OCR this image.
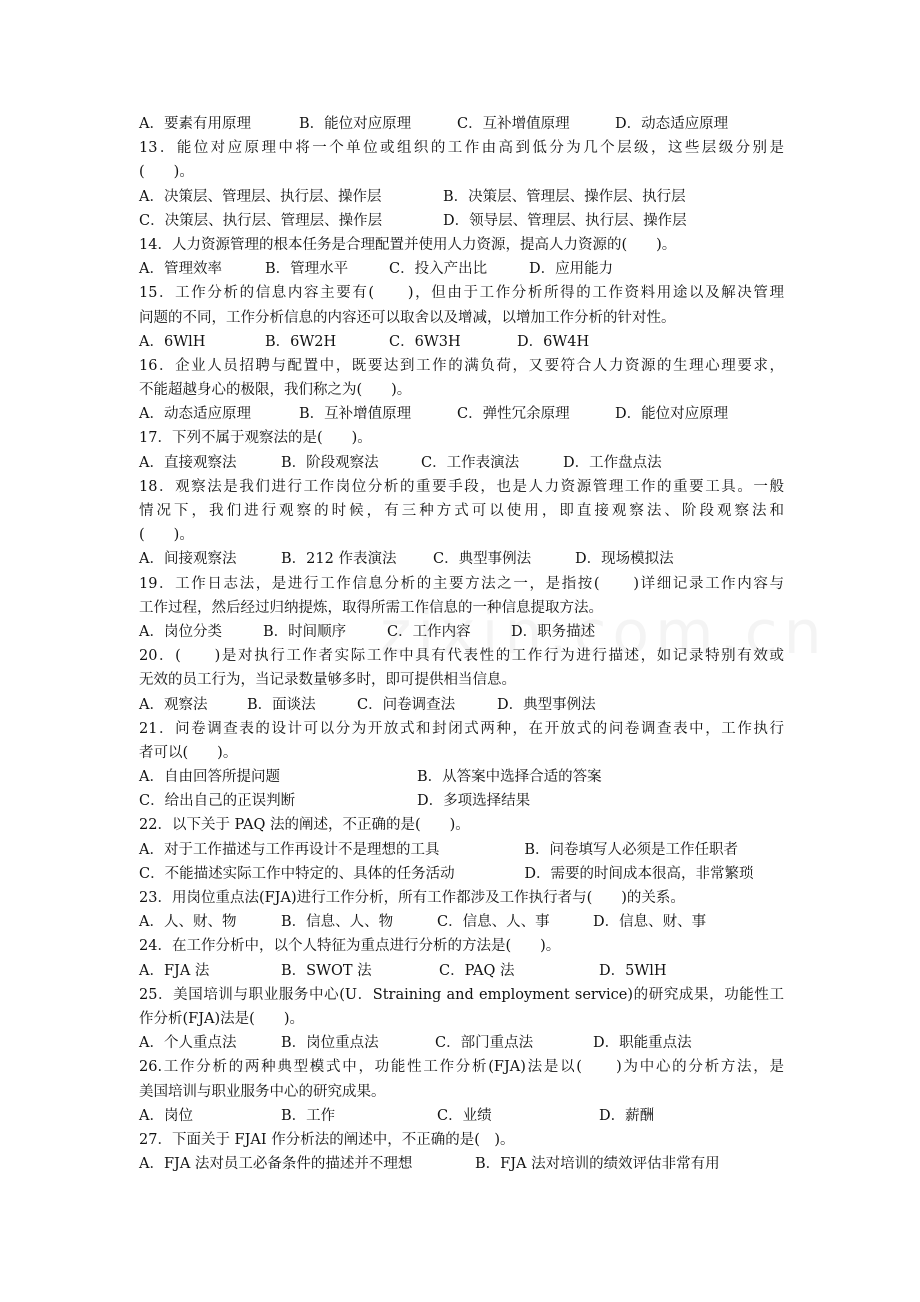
A．要素有用原理	B．能位对应原理	C．互补增值原理	D．动态适应原理
13．能位对应原理中将一个单位或组织的工作由高到低分为几个层级，这些层级分别是
(　　)。
A．决策层、管理层、执行层、操作层	B．决策层、管理层、操作层、执行层
C．决策层、执行层、管理层、操作层	D．领导层、管理层、执行层、操作层
14．人力资源管理的根本任务是合理配置并使用人力资源，提高人力资源的(　　)。
A．管理效率	B．管理水平	C．投入产出比	D．应用能力
15．工作分析的信息内容主要有(　　)，但由于工作分析所得的工作资料用途以及解决管理
问题的不同，工作分析信息的内容还可以取舍以及增减，以增加工作分析的针对性。
A．6WlH	B．6W2H	C．6W3H	D．6W4H
16．企业人员招聘与配置中，既要达到工作的满负荷，又要符合人力资源的生理心理要求，
不能超越身心的极限，我们称之为(　　)。
A．动态适应原理	B．互补增值原理	C．弹性冗余原理	D．能位对应原理
17．下列不属于观察法的是(　　)。
A．直接观察法	B．阶段观察法	C．工作表演法	D．工作盘点法
18．观察法是我们进行工作岗位分析的重要手段，也是人力资源管理工作的重要工具。一般
情况下，我们进行观察的时候，有三种方式可以使用，即直接观察法、阶段观察法和
(　　)。
A．间接观察法	B．212 作表演法	C．典型事例法	D．现场模拟法
19．工作日志法，是进行工作信息分析的主要方法之一，是指按(　　)详细记录工作内容与
工作过程，然后经过归纳提炼，取得所需工作信息的一种信息提取方法。
A．岗位分类	B．时间顺序	C．工作内容	D．职务描述
20．(　　)是对执行工作者实际工作中具有代表性的工作行为进行描述，如记录特别有效或
无效的员工行为，当记录数量够多时，即可提供相当信息。
A．观察法	B．面谈法	C．问卷调查法	D．典型事例法
21．问卷调查表的设计可以分为开放式和封闭式两种，在开放式的问卷调查表中，工作执行
者可以(　　)。
A．自由回答所提问题	B．从答案中选择合适的答案
C．给出自己的正误判断	D．多项选择结果
22．以下关于 PAQ 法的阐述，不正确的是(　　)。
A．对于工作描述与工作再设计不是理想的工具	B．问卷填写人必须是工作任职者
C．不能描述实际工作中特定的、具体的任务活动	D．需要的时间成本很高，非常繁琐
23．用岗位重点法(FJA)进行工作分析，所有工作都涉及工作执行者与(　　)的关系。
A．人、财、物	B．信息、人、物	C．信息、人、事	D．信息、财、事
24．在工作分析中，以个人特征为重点进行分析的方法是(　　)。
A．FJA 法	B．SWOT 法	C．PAQ 法	D．5WlH
25．美国培训与职业服务中心(U．Straining and employment service)的研究成果，功能性工
作分析(FJA)法是(　　)。
A．个人重点法	B．岗位重点法	C．部门重点法	D．职能重点法
26.工作分析的两种典型模式中，功能性工作分析(FJA)法是以(　　)为中心的分析方法，是
美国培训与职业服务中心的研究成果。
A．岗位	B．工作	C．业绩	D．薪酬
27．下面关于 FJAI 作分析法的阐述中，不正确的是(　)。
A．FJA 法对员工必备条件的描述并不理想	B．FJA 法对培训的绩效评估非常有用
